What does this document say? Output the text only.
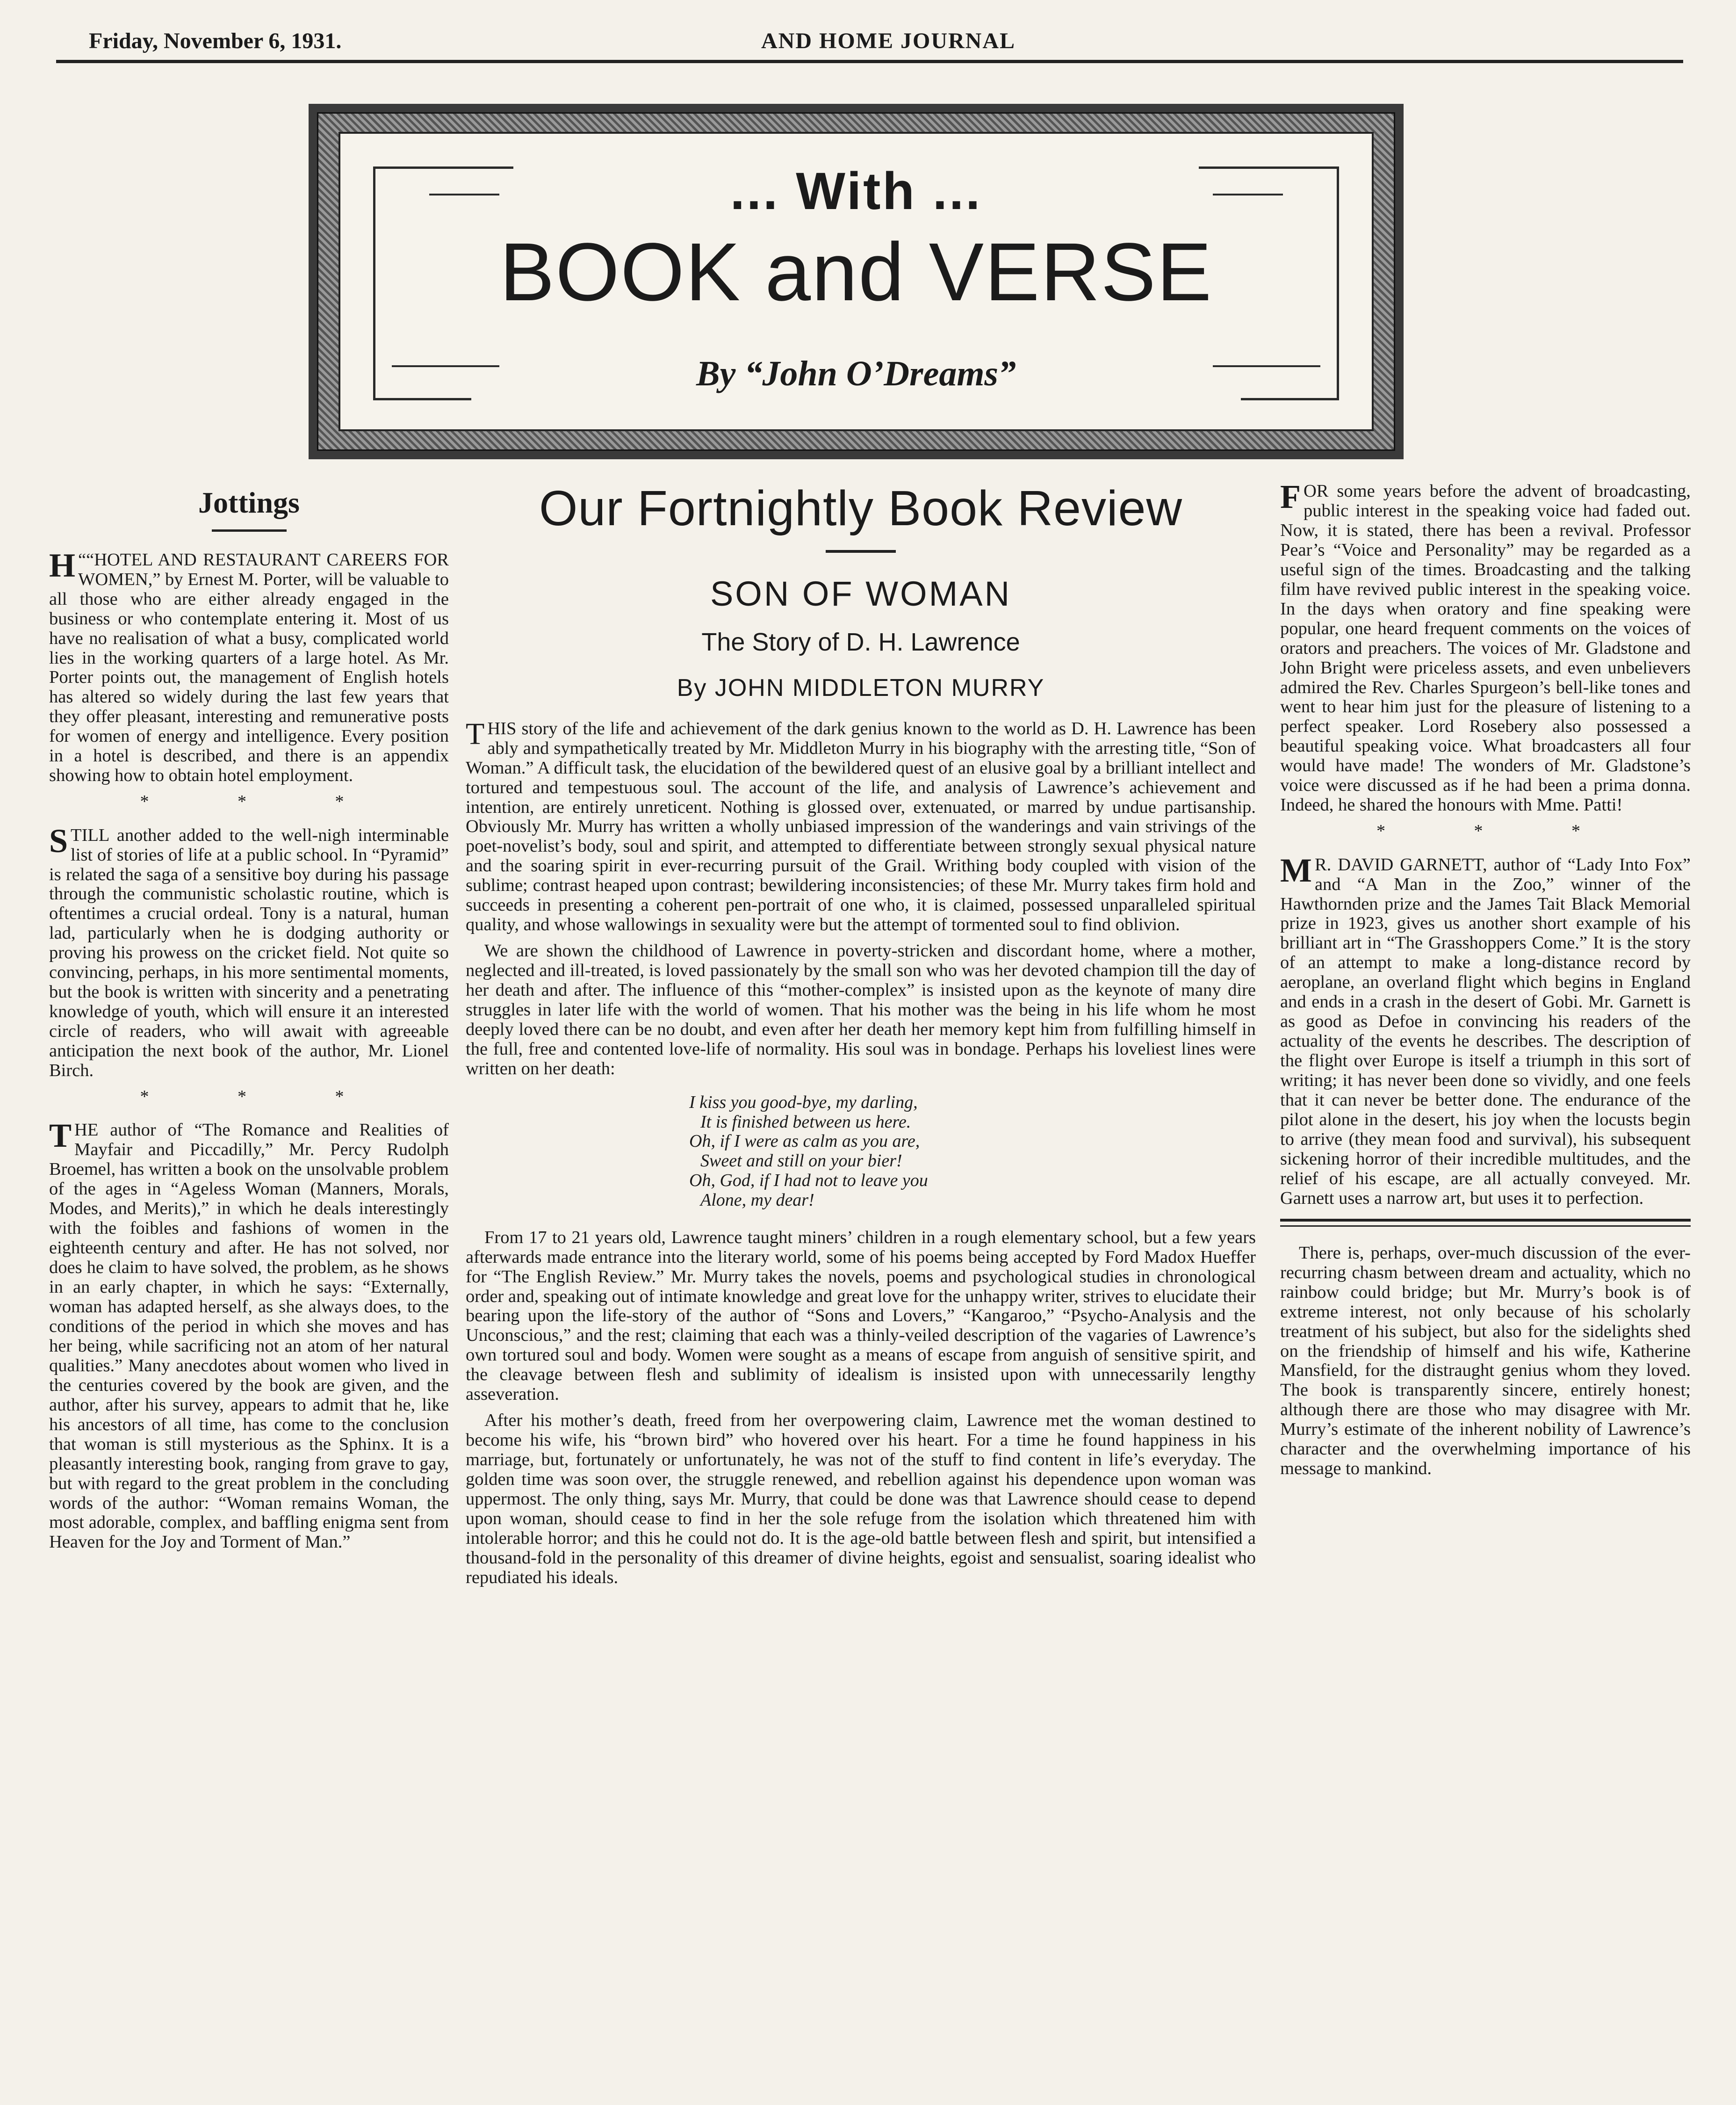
Friday, November 6, 1931.	AND HOME JOURNAL
... With ...
BOOK and VERSE
By “John O’Dreams”
Jottings

“
H “HOTEL AND RESTAURANT CAREERS FOR WOMEN,” by Ernest M. Porter, will be valuable to all those who are either already engaged in the business or who contemplate entering it. Most of us have no realisation of what a busy, complicated world lies in the working quarters of a large hotel. As Mr. Porter points out, the management of English hotels has altered so widely during the last few years that they offer pleasant, interesting and remunerative posts for women of energy and intelligence. Every position in a hotel is described, and there is an appendix showing how to obtain hotel employment.

* * *

STILL another added to the well-nigh interminable list of stories of life at a public school. In “Pyramid” is related the saga of a sensitive boy during his passage through the communistic scholastic routine, which is oftentimes a crucial ordeal. Tony is a natural, human lad, particularly when he is dodging authority or proving his prowess on the cricket field. Not quite so convincing, perhaps, in his more sentimental moments, but the book is written with sincerity and a penetrating knowledge of youth, which will ensure it an interested circle of readers, who will await with agreeable anticipation the next book of the author, Mr. Lionel Birch.

* * *

THE author of “The Romance and Realities of Mayfair and Piccadilly,” Mr. Percy Rudolph Broemel, has written a book on the unsolvable problem of the ages in “Ageless Woman (Manners, Morals, Modes, and Merits),” in which he deals interestingly with the foibles and fashions of women in the eighteenth century and after. He has not solved, nor does he claim to have solved, the problem, as he shows in an early chapter, in which he says: “Externally, woman has adapted herself, as she always does, to the conditions of the period in which she moves and has her being, while sacrificing not an atom of her natural qualities.” Many anecdotes about women who lived in the centuries covered by the book are given, and the author, after his survey, appears to admit that he, like his ancestors of all time, has come to the conclusion that woman is still mysterious as the Sphinx. It is a pleasantly interesting book, ranging from grave to gay, but with regard to the great problem in the concluding words of the author: “Woman remains Woman, the most adorable, complex, and baffling enigma sent from Heaven for the Joy and Torment of Man.”

Our Fortnightly Book Review
SON OF WOMAN
The Story of D. H. Lawrence
By JOHN MIDDLETON MURRY

THIS story of the life and achievement of the dark genius known to the world as D. H. Lawrence has been ably and sympathetically treated by Mr. Middleton Murry in his biography with the arresting title, “Son of Woman.” A difficult task, the elucidation of the bewildered quest of an elusive goal by a brilliant intellect and tortured and tempestuous soul. The account of the life, and analysis of Lawrence’s achievement and intention, are entirely unreticent. Nothing is glossed over, extenuated, or marred by undue partisanship. Obviously Mr. Murry has written a wholly unbiased impression of the wanderings and vain strivings of the poet-novelist’s body, soul and spirit, and attempted to differentiate between strongly sexual physical nature and the soaring spirit in ever-recurring pursuit of the Grail. Writhing body coupled with vision of the sublime; contrast heaped upon contrast; bewildering inconsistencies; of these Mr. Murry takes firm hold and succeeds in presenting a coherent pen-portrait of one who, it is claimed, possessed unparalleled spiritual quality, and whose wallowings in sexuality were but the attempt of tormented soul to find oblivion.

We are shown the childhood of Lawrence in poverty-stricken and discordant home, where a mother, neglected and ill-treated, is loved passionately by the small son who was her devoted champion till the day of her death and after. The influence of this “mother-complex” is insisted upon as the keynote of many dire struggles in later life with the world of women. That his mother was the being in his life whom he most deeply loved there can be no doubt, and even after her death her memory kept him from fulfilling himself in the full, free and contented love-life of normality. His soul was in bondage. Perhaps his loveliest lines were written on her death:

I kiss you good-bye, my darling,
It is finished between us here.
Oh, if I were as calm as you are,
Sweet and still on your bier!
Oh, God, if I had not to leave you
Alone, my dear!

From 17 to 21 years old, Lawrence taught miners’ children in a rough elementary school, but a few years afterwards made entrance into the literary world, some of his poems being accepted by Ford Madox Hueffer for “The English Review.” Mr. Murry takes the novels, poems and psychological studies in chronological order and, speaking out of intimate knowledge and great love for the unhappy writer, strives to elucidate their bearing upon the life-story of the author of “Sons and Lovers,” “Kangaroo,” “Psycho-Analysis and the Unconscious,” and the rest; claiming that each was a thinly-veiled description of the vagaries of Lawrence’s own tortured soul and body. Women were sought as a means of escape from anguish of sensitive spirit, and the cleavage between flesh and sublimity of idealism is insisted upon with unnecessarily lengthy asseveration.

After his mother’s death, freed from her overpowering claim, Lawrence met the woman destined to become his wife, his “brown bird” who hovered over his heart. For a time he found happiness in his marriage, but, fortunately or unfortunately, he was not of the stuff to find content in life’s everyday. The golden time was soon over, the struggle renewed, and rebellion against his dependence upon woman was uppermost. The only thing, says Mr. Murry, that could be done was that Lawrence should cease to depend upon woman, should cease to find in her the sole refuge from the isolation which threatened him with intolerable horror; and this he could not do. It is the age-old battle between flesh and spirit, but intensified a thousand-fold in the personality of this dreamer of divine heights, egoist and sensualist, soaring idealist who repudiated his ideals.

FOR some years before the advent of broadcasting, public interest in the speaking voice had faded out. Now, it is stated, there has been a revival. Professor Pear’s “Voice and Personality” may be regarded as a useful sign of the times. Broadcasting and the talking film have revived public interest in the speaking voice. In the days when oratory and fine speaking were popular, one heard frequent comments on the voices of orators and preachers. The voices of Mr. Gladstone and John Bright were priceless assets, and even unbelievers admired the Rev. Charles Spurgeon’s bell-like tones and went to hear him just for the pleasure of listening to a perfect speaker. Lord Rosebery also possessed a beautiful speaking voice. What broadcasters all four would have made! The wonders of Mr. Gladstone’s voice were discussed as if he had been a prima donna. Indeed, he shared the honours with Mme. Patti!

* * *

M R. DAVID GARNETT, author of “Lady Into Fox” and “A Man in the Zoo,” winner of the Hawthornden prize and the James Tait Black Memorial prize in 1923, gives us another short example of his brilliant art in “The Grasshoppers Come.” It is the story of an attempt to make a long-distance record by aeroplane, an overland flight which begins in England and ends in a crash in the desert of Gobi. Mr. Garnett is as good as Defoe in convincing his readers of the actuality of the events he describes. The description of the flight over Europe is itself a triumph in this sort of writing; it has never been done so vividly, and one feels that it can never be better done. The endurance of the pilot alone in the desert, his joy when the locusts begin to arrive (they mean food and survival), his subsequent sickening horror of their incredible multitudes, and the relief of his escape, are all actually conveyed. Mr. Garnett uses a narrow art, but uses it to perfection.

There is, perhaps, over-much discussion of the ever-recurring chasm between dream and actuality, which no rainbow could bridge; but Mr. Murry’s book is of extreme interest, not only because of his scholarly treatment of his subject, but also for the sidelights shed on the friendship of himself and his wife, Katherine Mansfield, for the distraught genius whom they loved. The book is transparently sincere, entirely honest; although there are those who may disagree with Mr. Murry’s estimate of the inherent nobility of Lawrence’s character and the overwhelming importance of his message to mankind.
